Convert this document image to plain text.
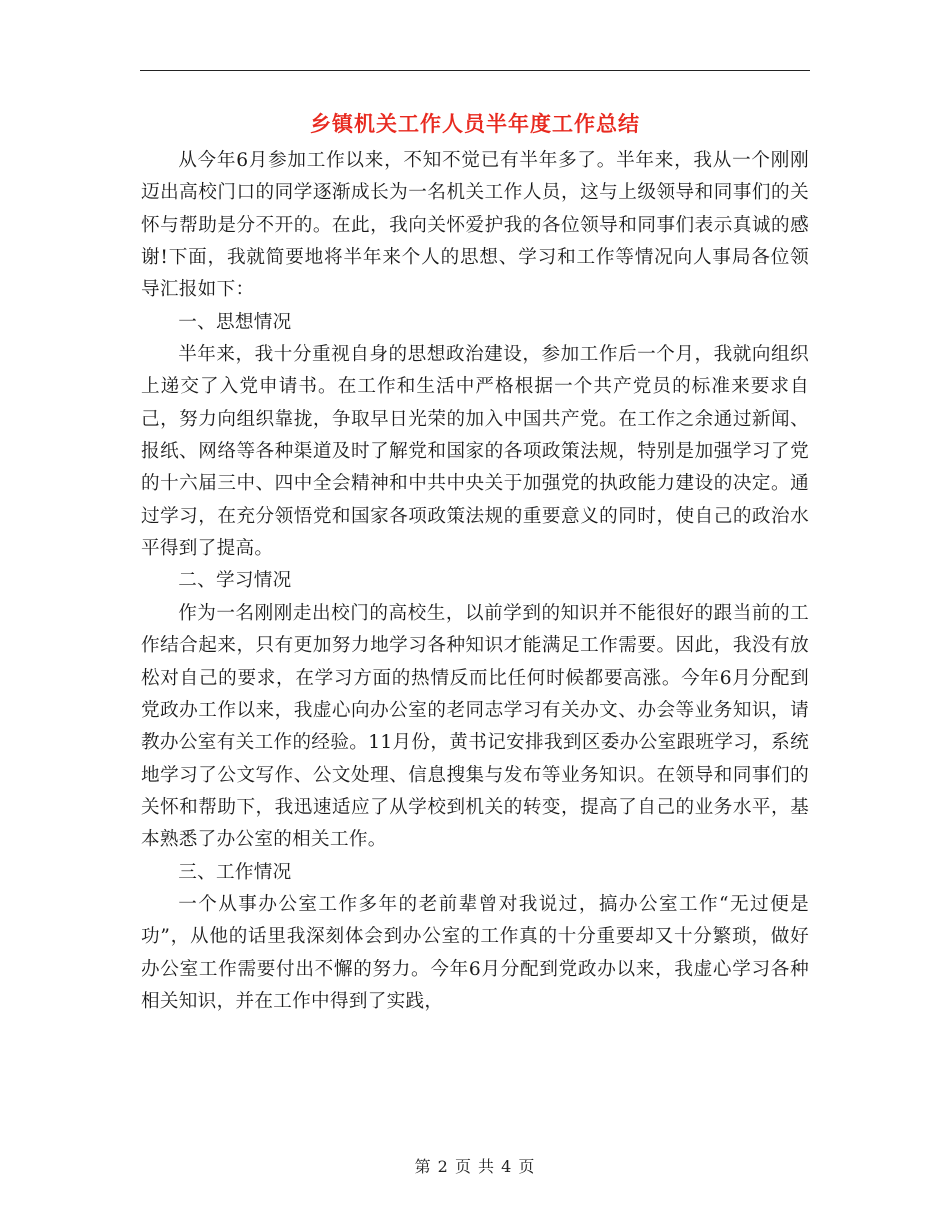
乡镇机关工作人员半年度工作总结

从今年6月参加工作以来，不知不觉已有半年多了。半年来，我从一个刚刚迈出高校门口的同学逐渐成长为一名机关工作人员，这与上级领导和同事们的关怀与帮助是分不开的。在此，我向关怀爱护我的各位领导和同事们表示真诚的感谢!下面，我就简要地将半年来个人的思想、学习和工作等情况向人事局各位领导汇报如下：

一、思想情况

半年来，我十分重视自身的思想政治建设，参加工作后一个月，我就向组织上递交了入党申请书。在工作和生活中严格根据一个共产党员的标准来要求自己，努力向组织靠拢，争取早日光荣的加入中国共产党。在工作之余通过新闻、报纸、网络等各种渠道及时了解党和国家的各项政策法规，特别是加强学习了党的十六届三中、四中全会精神和中共中央关于加强党的执政能力建设的决定。通过学习，在充分领悟党和国家各项政策法规的重要意义的同时，使自己的政治水平得到了提高。

二、学习情况

作为一名刚刚走出校门的高校生，以前学到的知识并不能很好的跟当前的工作结合起来，只有更加努力地学习各种知识才能满足工作需要。因此，我没有放松对自己的要求，在学习方面的热情反而比任何时候都要高涨。今年6月分配到党政办工作以来，我虚心向办公室的老同志学习有关办文、办会等业务知识，请教办公室有关工作的经验。11月份，黄书记安排我到区委办公室跟班学习，系统地学习了公文写作、公文处理、信息搜集与发布等业务知识。在领导和同事们的关怀和帮助下，我迅速适应了从学校到机关的转变，提高了自己的业务水平，基本熟悉了办公室的相关工作。

三、工作情况

一个从事办公室工作多年的老前辈曾对我说过，搞办公室工作“无过便是功”，从他的话里我深刻体会到办公室的工作真的十分重要却又十分繁琐，做好办公室工作需要付出不懈的努力。今年6月分配到党政办以来，我虚心学习各种相关知识，并在工作中得到了实践，

第 2 页 共 4 页
